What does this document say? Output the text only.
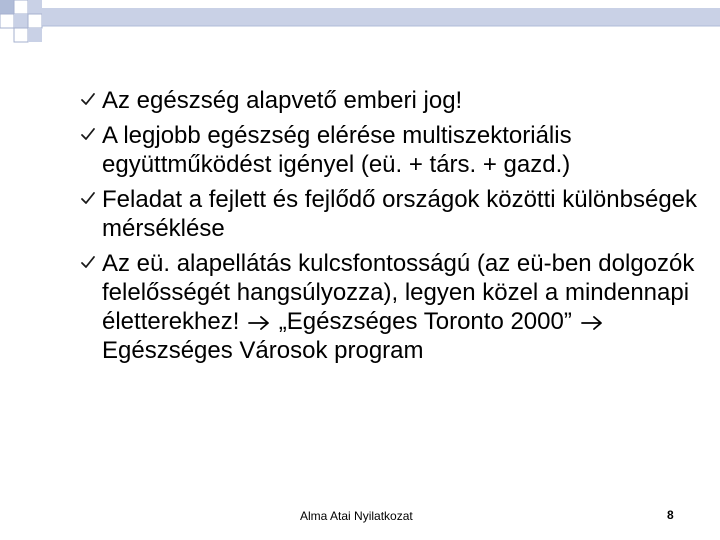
Az egészség alapvető emberi jog!
A legjobb egészség elérése multiszektoriális együttműködést igényel (eü. + társ. + gazd.)
Feladat a fejlett és fejlődő országok közötti különbségek mérséklése
Az eü. alapellátás kulcsfontosságú (az eü-ben dolgozók felelősségét hangsúlyozza), legyen közel a mindennapi életterekhez!  „Egészséges Toronto 2000”  Egészséges Városok program
Alma Atai Nyilatkozat	8
